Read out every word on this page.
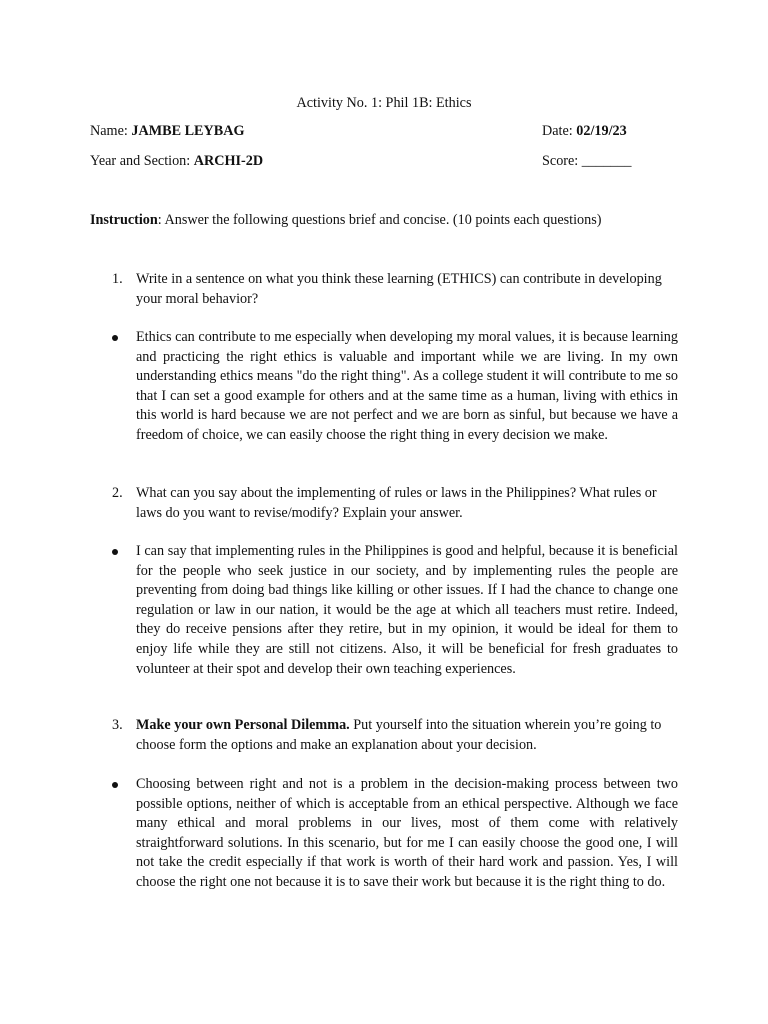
Activity No. 1: Phil 1B: Ethics
Name: JAMBE LEYBAG	Date: 02/19/23
Year and Section: ARCHI-2D	Score: _______
Instruction: Answer the following questions brief and concise. (10 points each questions)
1. Write in a sentence on what you think these learning (ETHICS) can contribute in developing your moral behavior?
Ethics can contribute to me especially when developing my moral values, it is because learning and practicing the right ethics is valuable and important while we are living. In my own understanding ethics means "do the right thing". As a college student it will contribute to me so that I can set a good example for others and at the same time as a human, living with ethics in this world is hard because we are not perfect and we are born as sinful, but because we have a freedom of choice, we can easily choose the right thing in every decision we make.
2. What can you say about the implementing of rules or laws in the Philippines? What rules or laws do you want to revise/modify? Explain your answer.
I can say that implementing rules in the Philippines is good and helpful, because it is beneficial for the people who seek justice in our society, and by implementing rules the people are preventing from doing bad things like killing or other issues. If I had the chance to change one regulation or law in our nation, it would be the age at which all teachers must retire. Indeed, they do receive pensions after they retire, but in my opinion, it would be ideal for them to enjoy life while they are still not citizens. Also, it will be beneficial for fresh graduates to volunteer at their spot and develop their own teaching experiences.
3. Make your own Personal Dilemma. Put yourself into the situation wherein you’re going to choose form the options and make an explanation about your decision.
Choosing between right and not is a problem in the decision-making process between two possible options, neither of which is acceptable from an ethical perspective. Although we face many ethical and moral problems in our lives, most of them come with relatively straightforward solutions. In this scenario, but for me I can easily choose the good one, I will not take the credit especially if that work is worth of their hard work and passion. Yes, I will choose the right one not because it is to save their work but because it is the right thing to do.
